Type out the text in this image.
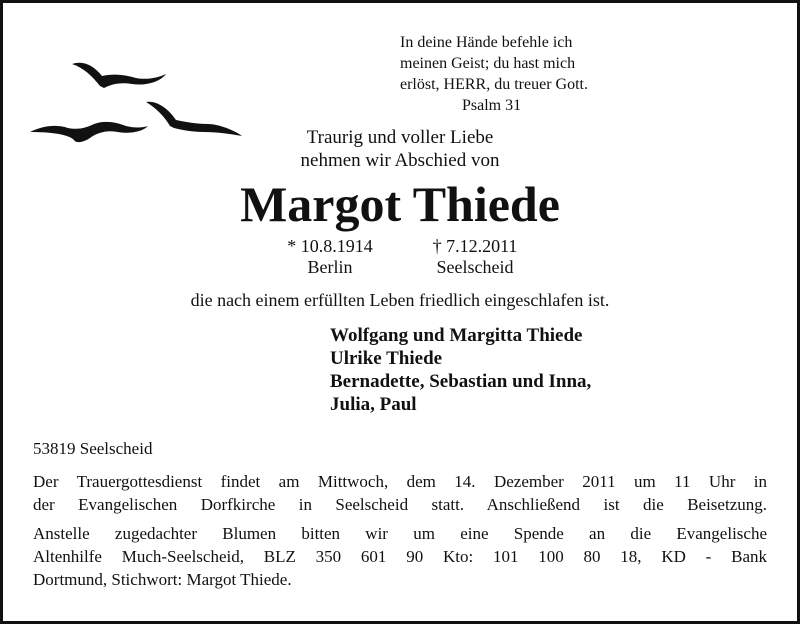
In deine Hände befehle ich
meinen Geist; du hast mich
erlöst, HERR, du treuer Gott.
Psalm 31
Traurig und voller Liebe
nehmen wir Abschied von
Margot Thiede
* 10.8.1914
Berlin
† 7.12.2011
Seelscheid
die nach einem erfüllten Leben friedlich eingeschlafen ist.
Wolfgang und Margitta Thiede
Ulrike Thiede
Bernadette, Sebastian und Inna,
Julia, Paul
53819 Seelscheid
Der Trauergottesdienst findet am Mittwoch, dem 14. Dezember 2011 um 11 Uhr in
der Evangelischen Dorfkirche in Seelscheid statt. Anschließend ist die Beisetzung.
Anstelle zugedachter Blumen bitten wir um eine Spende an die Evangelische
Altenhilfe Much-Seelscheid, BLZ 350 601 90 Kto: 101 100 80 18, KD - Bank
Dortmund, Stichwort: Margot Thiede.
